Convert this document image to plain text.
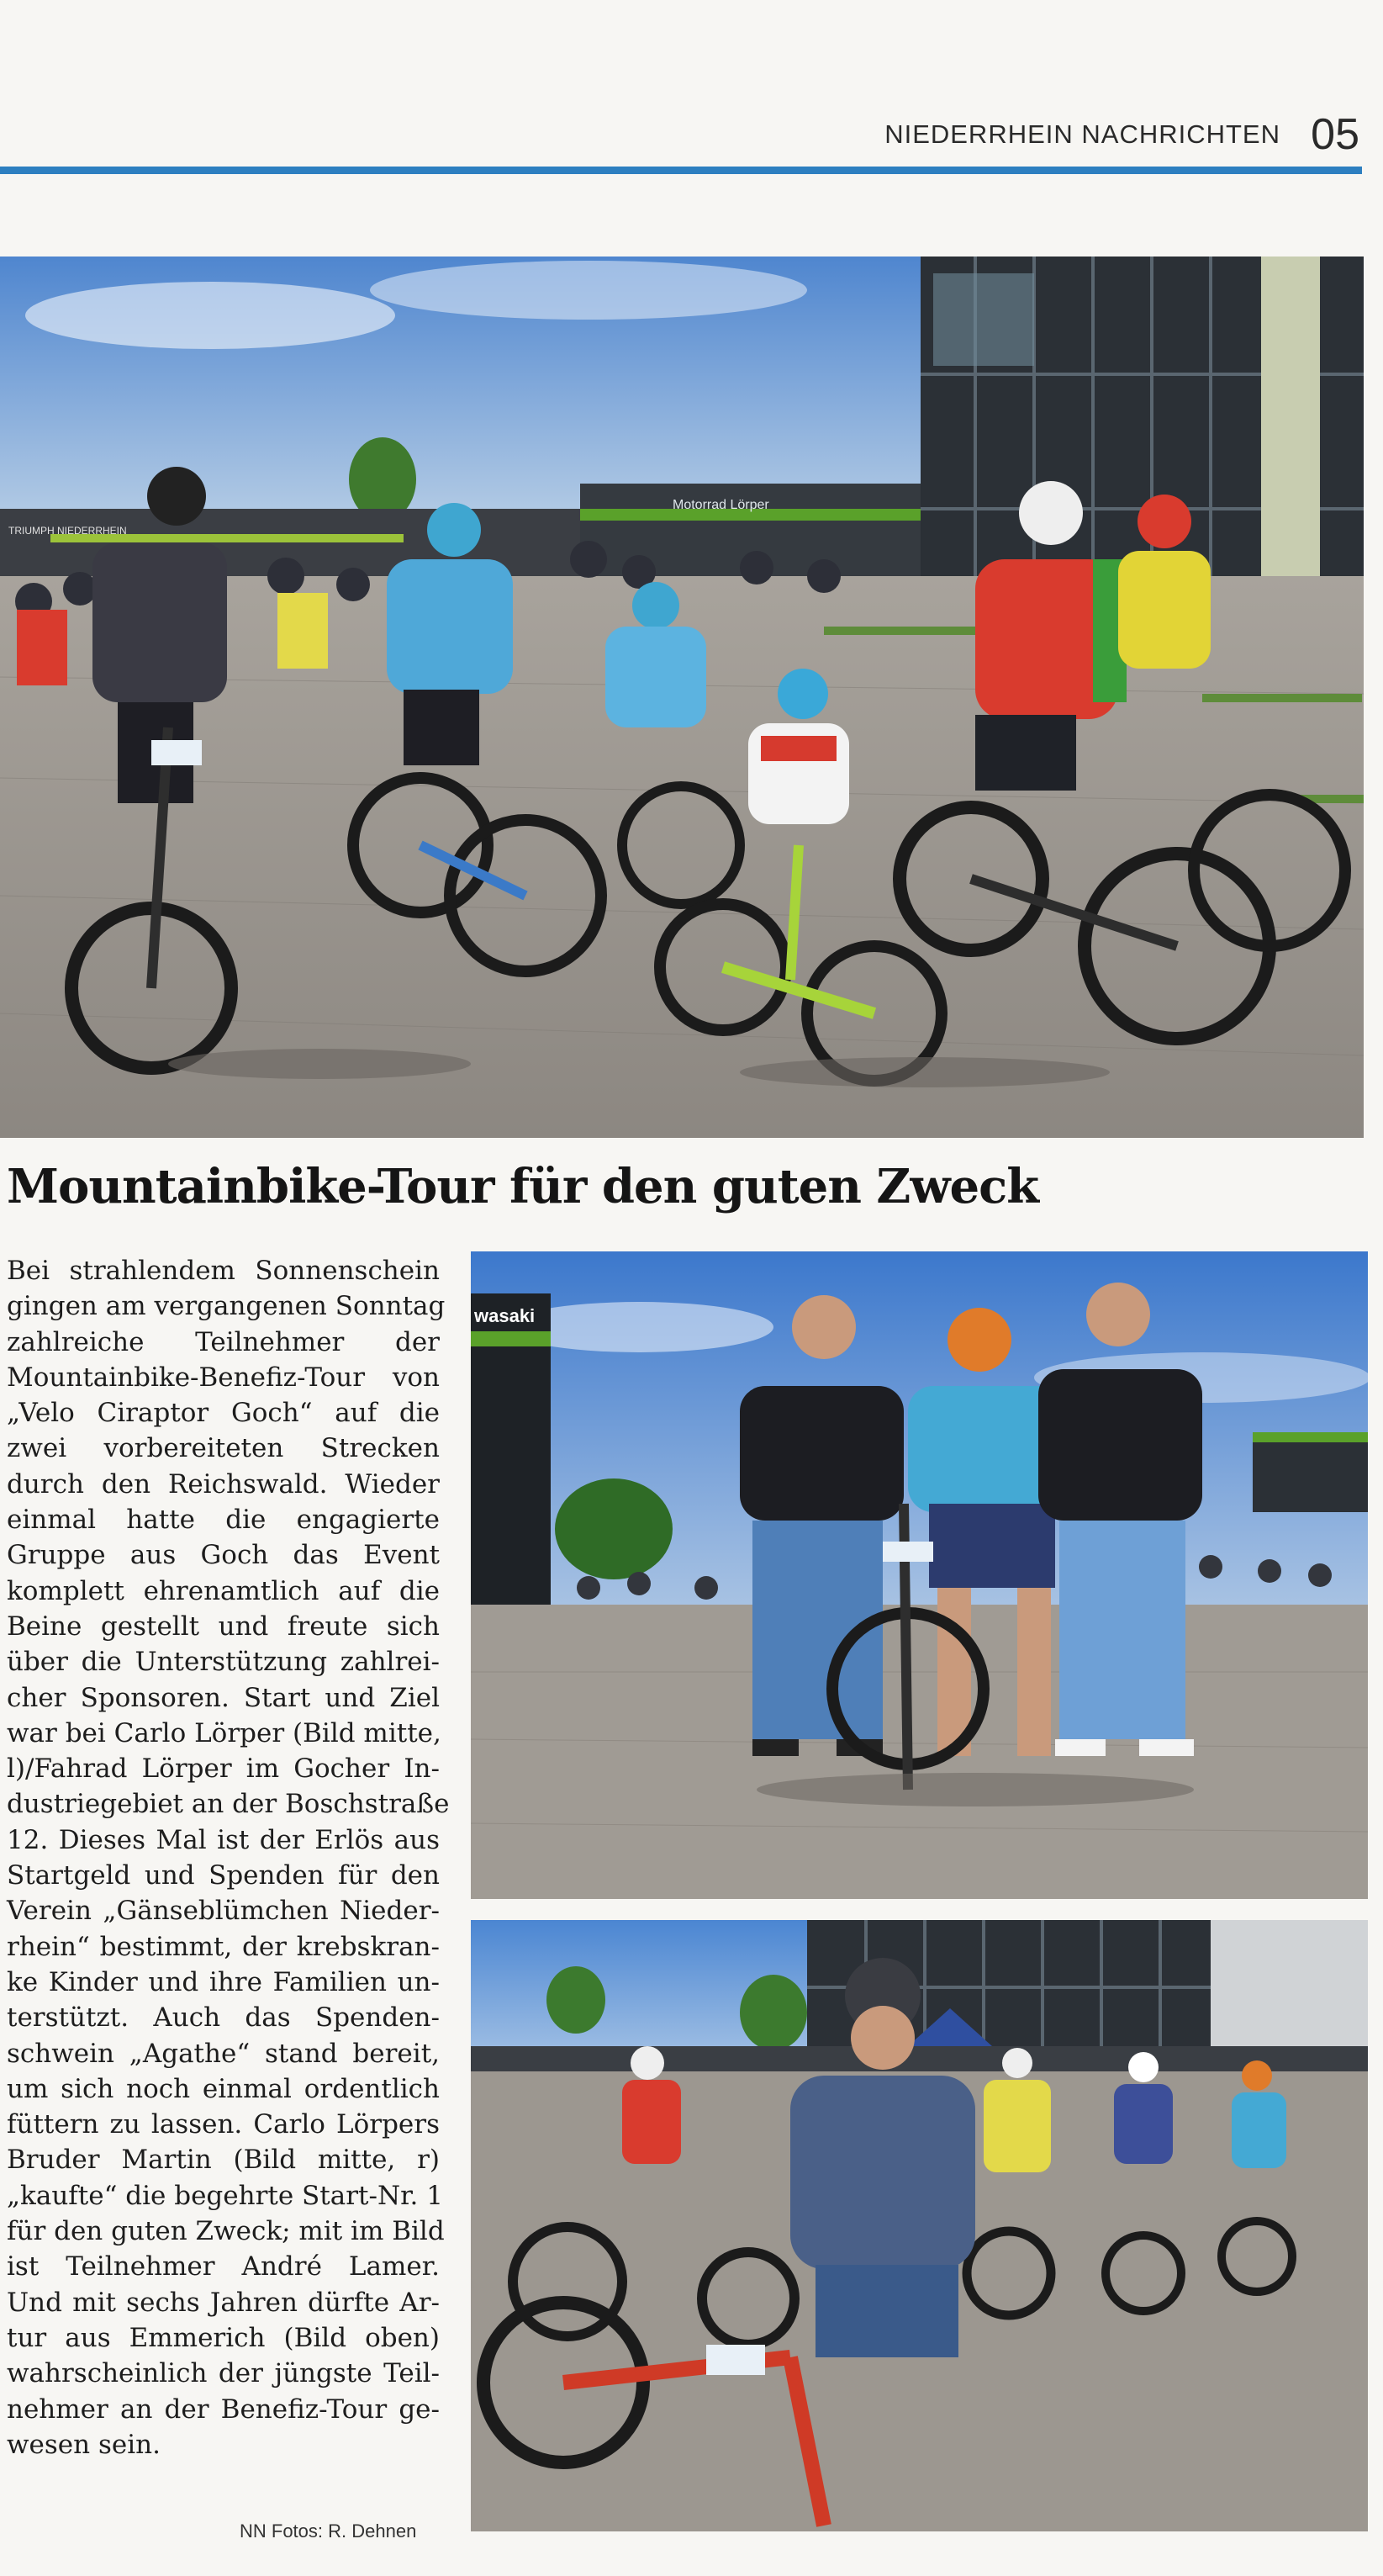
NIEDERRHEIN NACHRICHTEN 05
Motorrad Lörper
TRIUMPH NIEDERRHEIN
Mountainbike-Tour für den guten Zweck
Bei strahlendem Sonnenschein
gingen am vergangenen Sonntag
zahlreiche Teilnehmer der
Mountainbike-Benefiz-Tour von
„Velo Ciraptor Goch“ auf die
zwei vorbereiteten Strecken
durch den Reichswald. Wieder
einmal hatte die engagierte
Gruppe aus Goch das Event
komplett ehrenamtlich auf die
Beine gestellt und freute sich
über die Unterstützung zahlrei-
cher Sponsoren. Start und Ziel
war bei Carlo Lörper (Bild mitte,
l)/Fahrad Lörper im Gocher In-
dustriegebiet an der Boschstraße
12. Dieses Mal ist der Erlös aus
Startgeld und Spenden für den
Verein „Gänseblümchen Nieder-
rhein“ bestimmt, der krebskran-
ke Kinder und ihre Familien un-
terstützt. Auch das Spenden-
schwein „Agathe“ stand bereit,
um sich noch einmal ordentlich
füttern zu lassen. Carlo Lörpers
Bruder Martin (Bild mitte, r)
„kaufte“ die begehrte Start-Nr. 1
für den guten Zweck; mit im Bild
ist Teilnehmer André Lamer.
Und mit sechs Jahren dürfte Ar-
tur aus Emmerich (Bild oben)
wahrscheinlich der jüngste Teil-
nehmer an der Benefiz-Tour ge-
wesen sein.
NN Fotos: R. Dehnen
wasaki
